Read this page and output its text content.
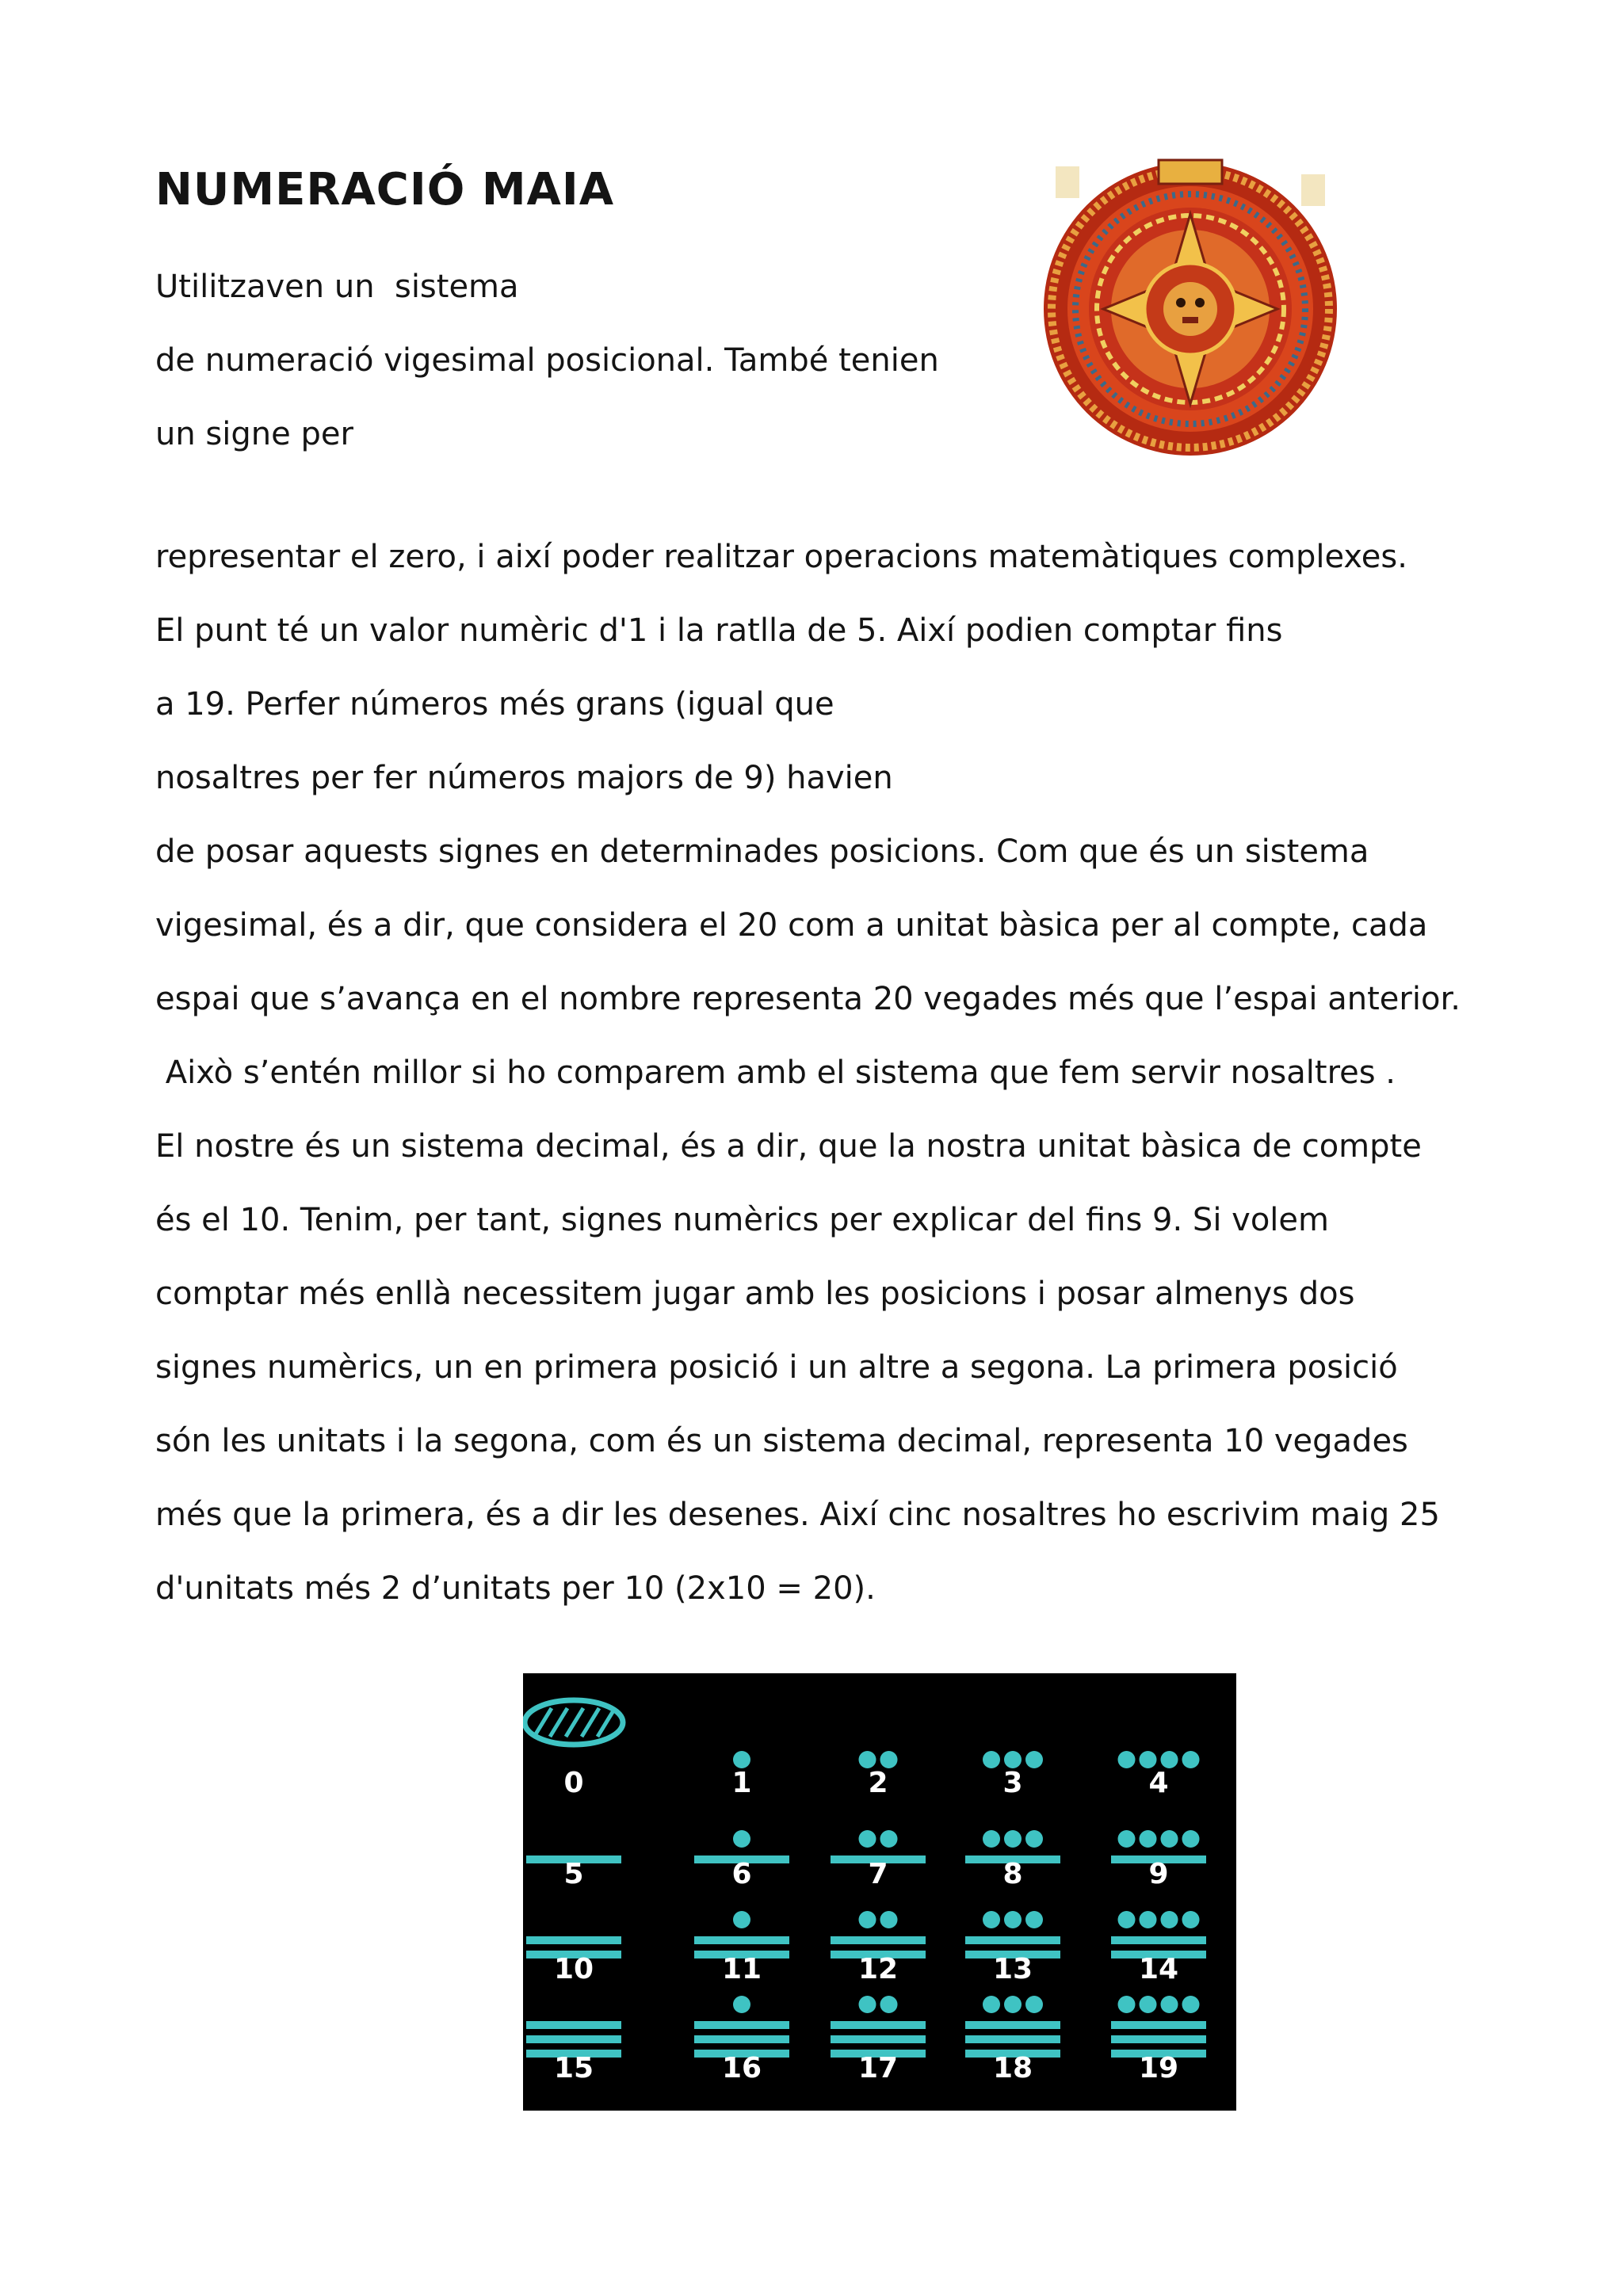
NUMERACIÓ MAIA

Utilitzaven un  sistema

de numeració vigesimal posicional. També tenien

un signe per

representar el zero, i així poder realitzar operacions matemàtiques complexes.

El punt té un valor numèric d'1 i la ratlla de 5. Així podien comptar fins

a 19. Perfer números més grans (igual que

nosaltres per fer números majors de 9) havien

de posar aquests signes en determinades posicions. Com que és un sistema

vigesimal, és a dir, que considera el 20 com a unitat bàsica per al compte, cada

espai que s’avança en el nombre representa 20 vegades més que l’espai anterior.

Això s’entén millor si ho comparem amb el sistema que fem servir nosaltres .

El nostre és un sistema decimal, és a dir, que la nostra unitat bàsica de compte

és el 10. Tenim, per tant, signes numèrics per explicar del fins 9. Si volem

comptar més enllà necessitem jugar amb les posicions i posar almenys dos

signes numèrics, un en primera posició i un altre a segona. La primera posició

són les unitats i la segona, com és un sistema decimal, representa 10 vegades

més que la primera, és a dir les desenes. Així cinc nosaltres ho escrivim maig 25

d'unitats més 2 d’unitats per 10 (2x10 = 20).

0	1	2	3	4
5	6	7	8	9
10	11	12	13	14
15	16	17	18	19
